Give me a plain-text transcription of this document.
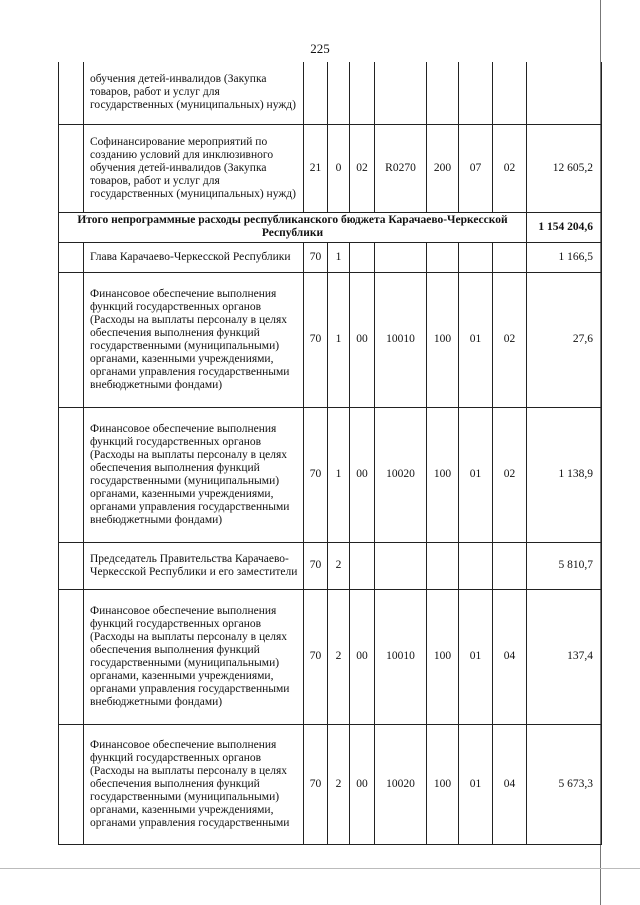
225
	обучения детей-инвалидов (Закупка товаров, работ и услуг для государственных (муниципальных) нужд)								
	Софинансирование мероприятий по созданию условий для инклюзивного обучения детей-инвалидов (Закупка товаров, работ и услуг для государственных (муниципальных) нужд)	21	0	02	R0270	200	07	02	12 605,2
Итого непрограммные расходы республиканского бюджета Карачаево-Черкесской Республики									1 154 204,6
	Глава Карачаево-Черкесской Республики	70	1						1 166,5
	Финансовое обеспечение выполнения функций государственных органов (Расходы на выплаты персоналу в целях обеспечения выполнения функций государственными (муниципальными) органами, казенными учреждениями, органами управления государственными внебюджетными фондами)	70	1	00	10010	100	01	02	27,6
	Финансовое обеспечение выполнения функций государственных органов (Расходы на выплаты персоналу в целях обеспечения выполнения функций государственными (муниципальными) органами, казенными учреждениями, органами управления государственными внебюджетными фондами)	70	1	00	10020	100	01	02	1 138,9
	Председатель Правительства Карачаево-Черкесской Республики и его заместители	70	2						5 810,7
	Финансовое обеспечение выполнения функций государственных органов (Расходы на выплаты персоналу в целях обеспечения выполнения функций государственными (муниципальными) органами, казенными учреждениями, органами управления государственными внебюджетными фондами)	70	2	00	10010	100	01	04	137,4
	Финансовое обеспечение выполнения функций государственных органов (Расходы на выплаты персоналу в целях обеспечения выполнения функций государственными (муниципальными) органами, казенными учреждениями, органами управления государственными	70	2	00	10020	100	01	04	5 673,3
